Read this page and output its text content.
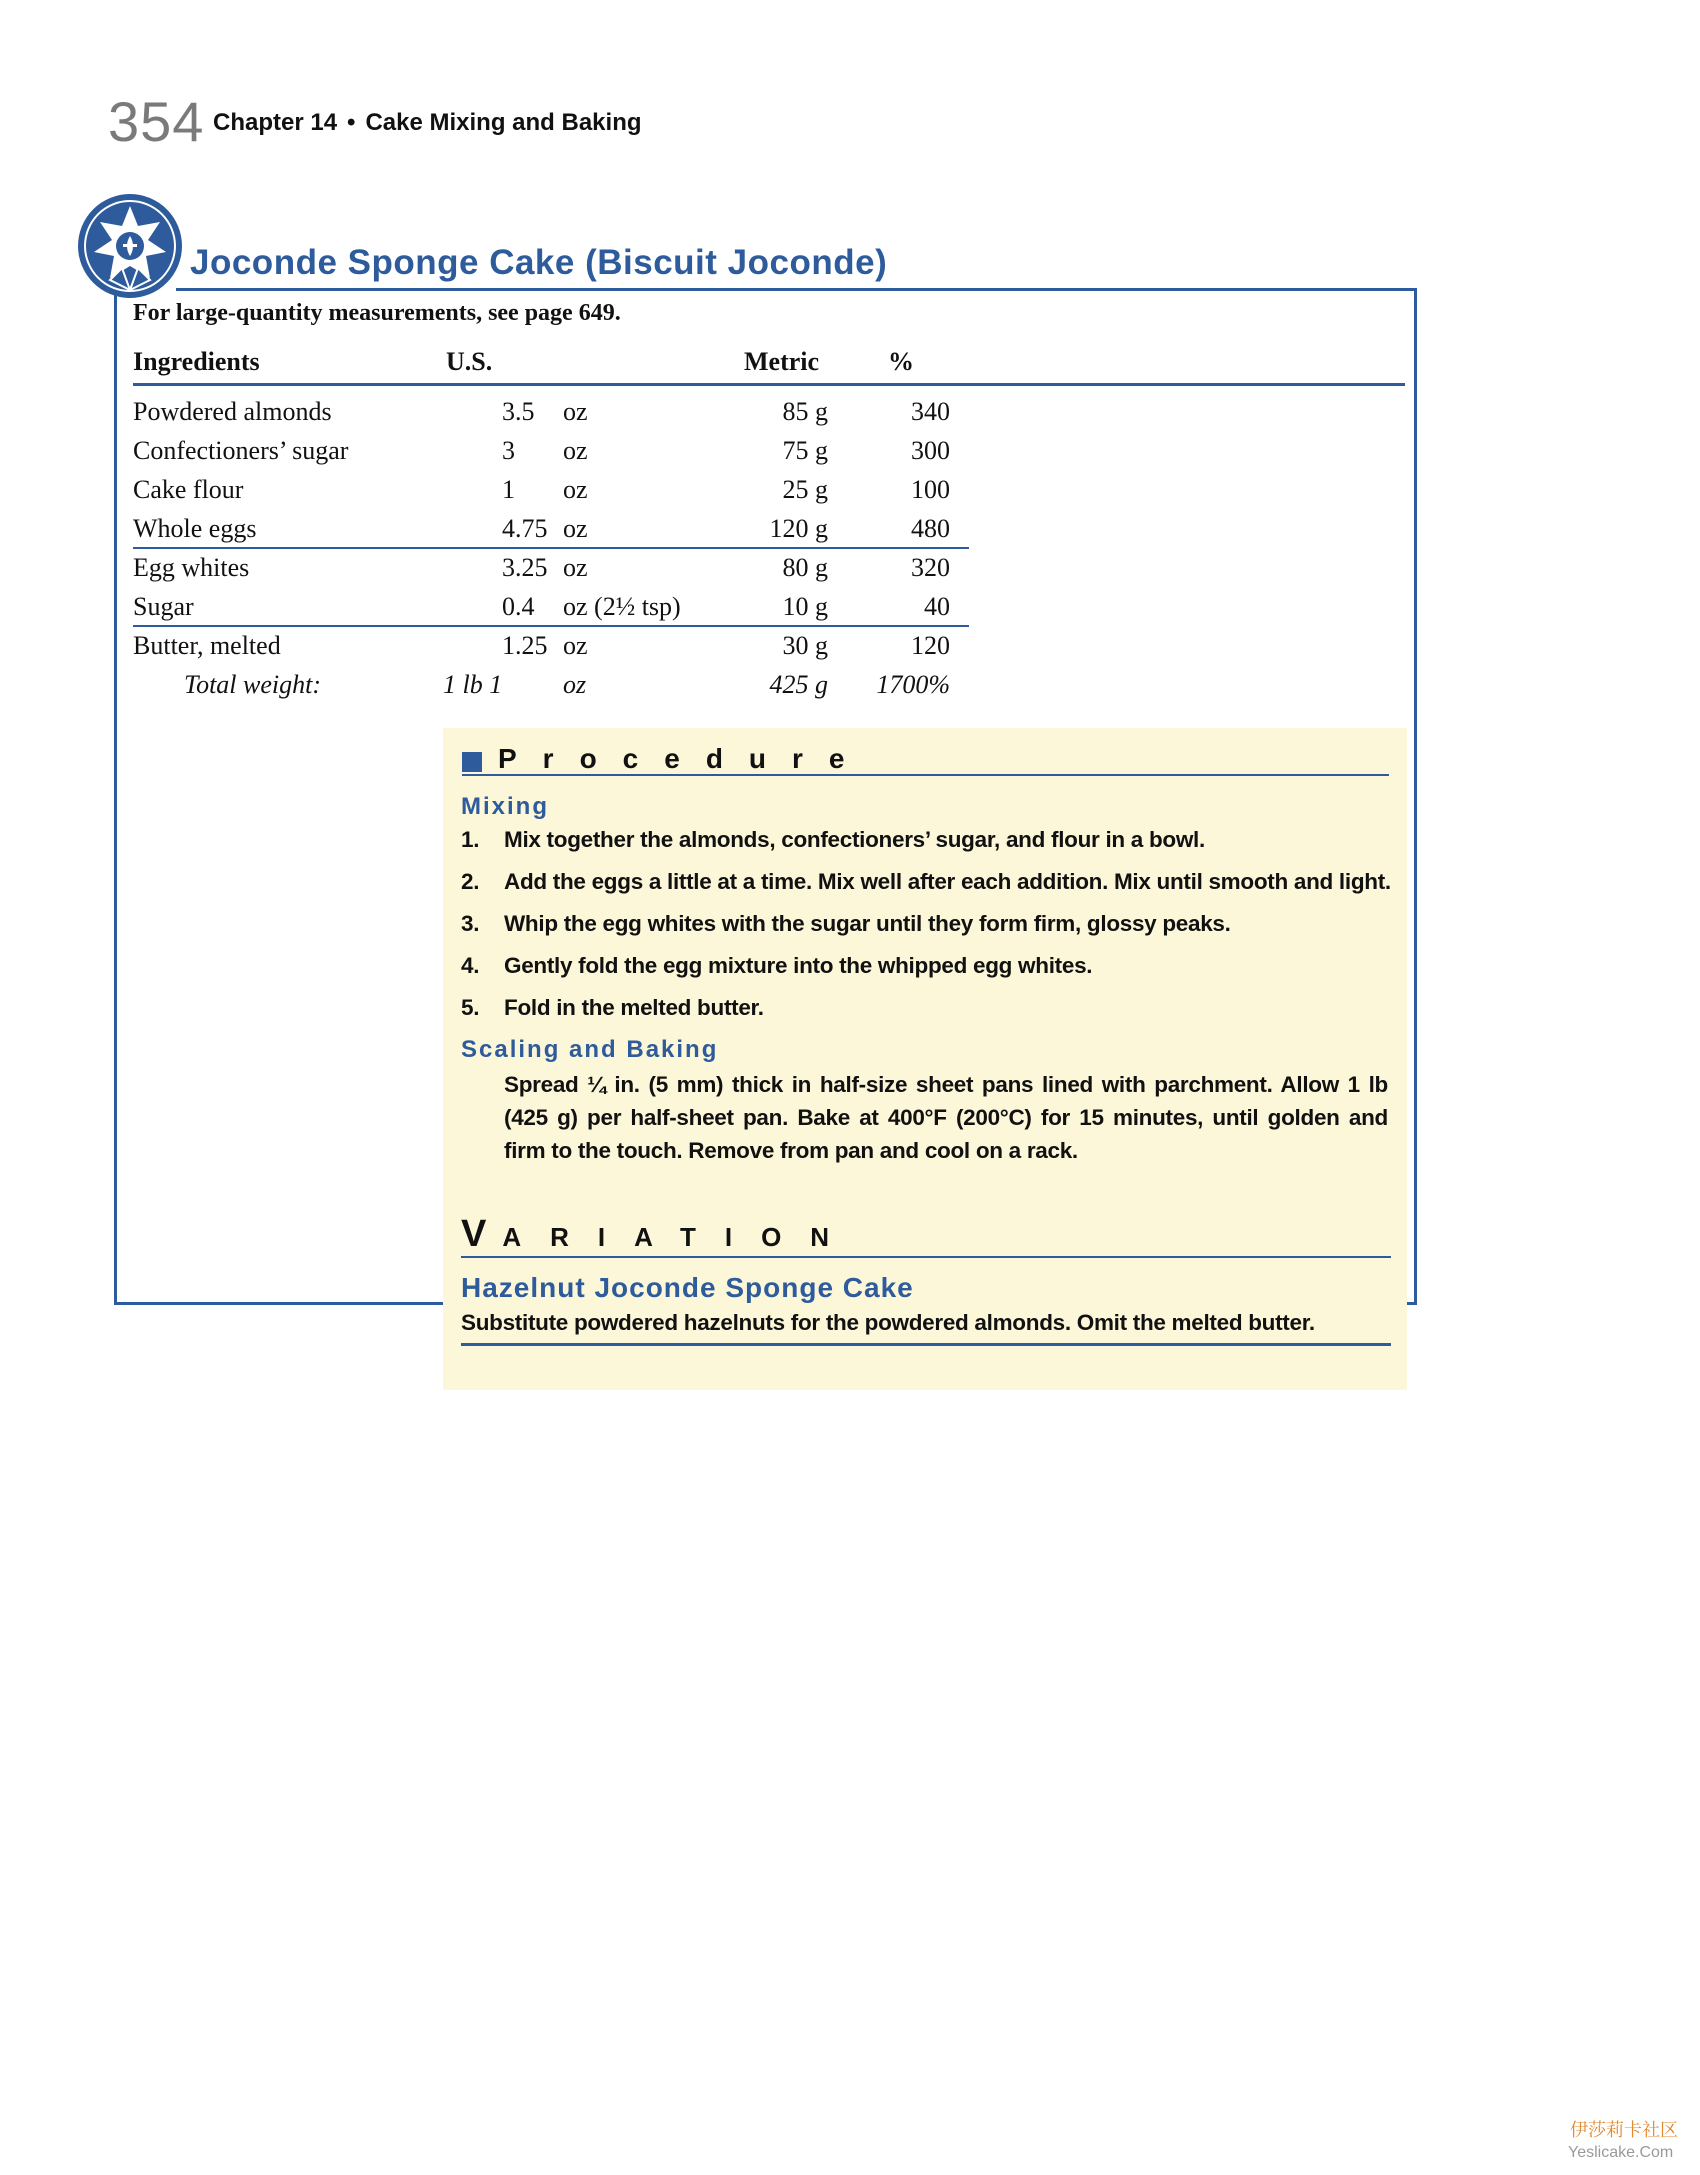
354 Chapter 14 • Cake Mixing and Baking
Joconde Sponge Cake (Biscuit Joconde)
For large-quantity measurements, see page 649.
Ingredients	U.S.	Metric	%
Powdered almonds	3.5 oz	85 g	340
Confectioners’ sugar	3 oz	75 g	300
Cake flour	1 oz	25 g	100
Whole eggs	4.75 oz	120 g	480
Egg whites	3.25 oz	80 g	320
Sugar	0.4 oz (2½ tsp)	10 g	40
Butter, melted	1.25 oz	30 g	120
Total weight:	1 lb 1 oz	425 g 1700%
Procedure
Mixing
1. Mix together the almonds, confectioners’ sugar, and flour in a bowl.
2. Add the eggs a little at a time. Mix well after each addition. Mix until smooth and light.
3. Whip the egg whites with the sugar until they form firm, glossy peaks.
4. Gently fold the egg mixture into the whipped egg whites.
5. Fold in the melted butter.
Scaling and Baking
Spread ¼ in. (5 mm) thick in half-size sheet pans lined with parchment. Allow 1 lb (425 g) per half-sheet pan. Bake at 400°F (200°C) for 15 minutes, until golden and firm to the touch. Remove from pan and cool on a rack.
V ARIATION
Hazelnut Joconde Sponge Cake
Substitute powdered hazelnuts for the powdered almonds. Omit the melted butter.
伊莎莉卡社区
Yeslicake.Com
